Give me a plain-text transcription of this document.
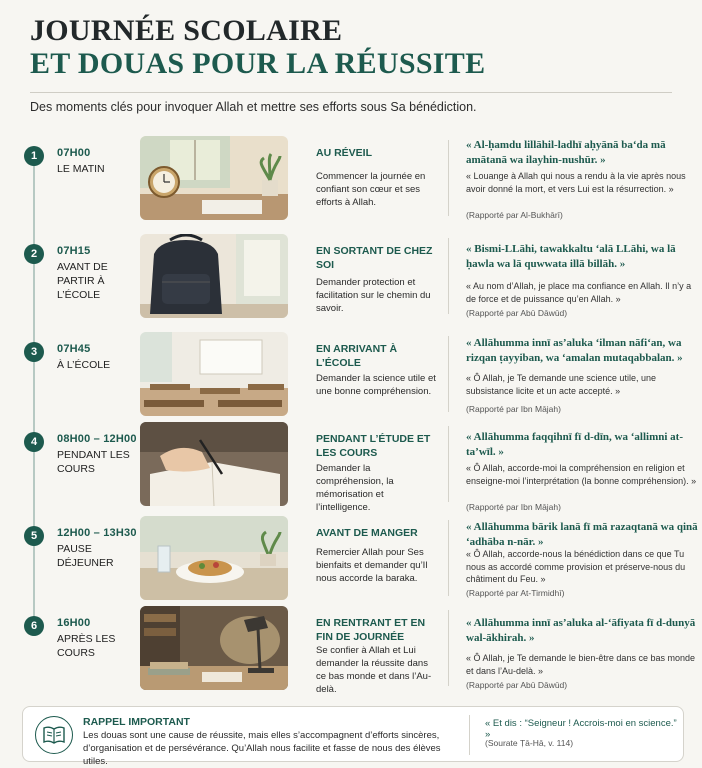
JOURNÉE SCOLAIRE
ET DOUAS POUR LA RÉUSSITE
Des moments clés pour invoquer Allah et mettre ses efforts sous Sa bénédiction.
1	07H00
LE MATIN
AU RÉVEIL
Commencer la journée en confiant son cœur et ses efforts à Allah.
« Al-ḥamdu lillāhil-ladhī aḥyānā ba‘da mā amātanā wa ilayhin-nushūr. »
« Louange à Allah qui nous a rendu à la vie après nous avoir donné la mort, et vers Lui est la résurrection. »
(Rapporté par Al-Bukhārī)
2	07H15
AVANT DE PARTIR À L’ÉCOLE
EN SORTANT DE CHEZ SOI
Demander protection et facilitation sur le chemin du savoir.
« Bismi-LLāhi, tawakkaltu ‘alā LLāhi, wa lā ḥawla wa lā quwwata illā billāh. »
« Au nom d’Allah, je place ma confiance en Allah. Il n’y a de force et de puissance qu’en Allah. »
(Rapporté par Abū Dāwūd)
3	07H45
À L’ÉCOLE
EN ARRIVANT À L’ÉCOLE
Demander la science utile et une bonne compréhension.
« Allāhumma innī as’aluka ‘ilman nāfi‘an, wa rizqan ṭayyiban, wa ‘amalan mutaqabbalan. »
« Ô Allah, je Te demande une science utile, une subsistance licite et un acte accepté. »
(Rapporté par Ibn Mājah)
4	08H00 – 12H00
PENDANT LES COURS
PENDANT L’ÉTUDE ET LES COURS
Demander la compréhension, la mémorisation et l’intelligence.
« Allāhumma faqqihnī fī d-dīn, wa ‘allimni at-ta’wīl. »
« Ô Allah, accorde-moi la compréhension en religion et enseigne-moi l’interprétation (la bonne compréhension). »
(Rapporté par Ibn Mājah)
5	12H00 – 13H30
PAUSE DÉJEUNER
AVANT DE MANGER
Remercier Allah pour Ses bienfaits et demander qu’Il nous accorde la baraka.
« Allāhumma bārik lanā fī mā razaqtanā wa qinā ‘adhāba n-nār. »
« Ô Allah, accorde-nous la bénédiction dans ce que Tu nous as accordé comme provision et préserve-nous du châtiment du Feu. »
(Rapporté par At-Tirmidhī)
6	16H00
APRÈS LES COURS
EN RENTRANT ET EN FIN DE JOURNÉE
Se confier à Allah et Lui demander la réussite dans ce bas monde et dans l’Au-delà.
« Allāhumma innī as’aluka al-‘āfiyata fī d-dunyā wal-ākhirah. »
« Ô Allah, je Te demande le bien-être dans ce bas monde et dans l’Au-delà. »
(Rapporté par Abū Dāwūd)
RAPPEL IMPORTANT
Les douas sont une cause de réussite, mais elles s’accompagnent d’efforts sincères, d’organisation et de persévérance. Qu’Allah nous facilite et fasse de nous des élèves utiles.
« Et dis : “Seigneur ! Accrois-moi en science.” »
(Sourate Ṭā-Hā, v. 114)
